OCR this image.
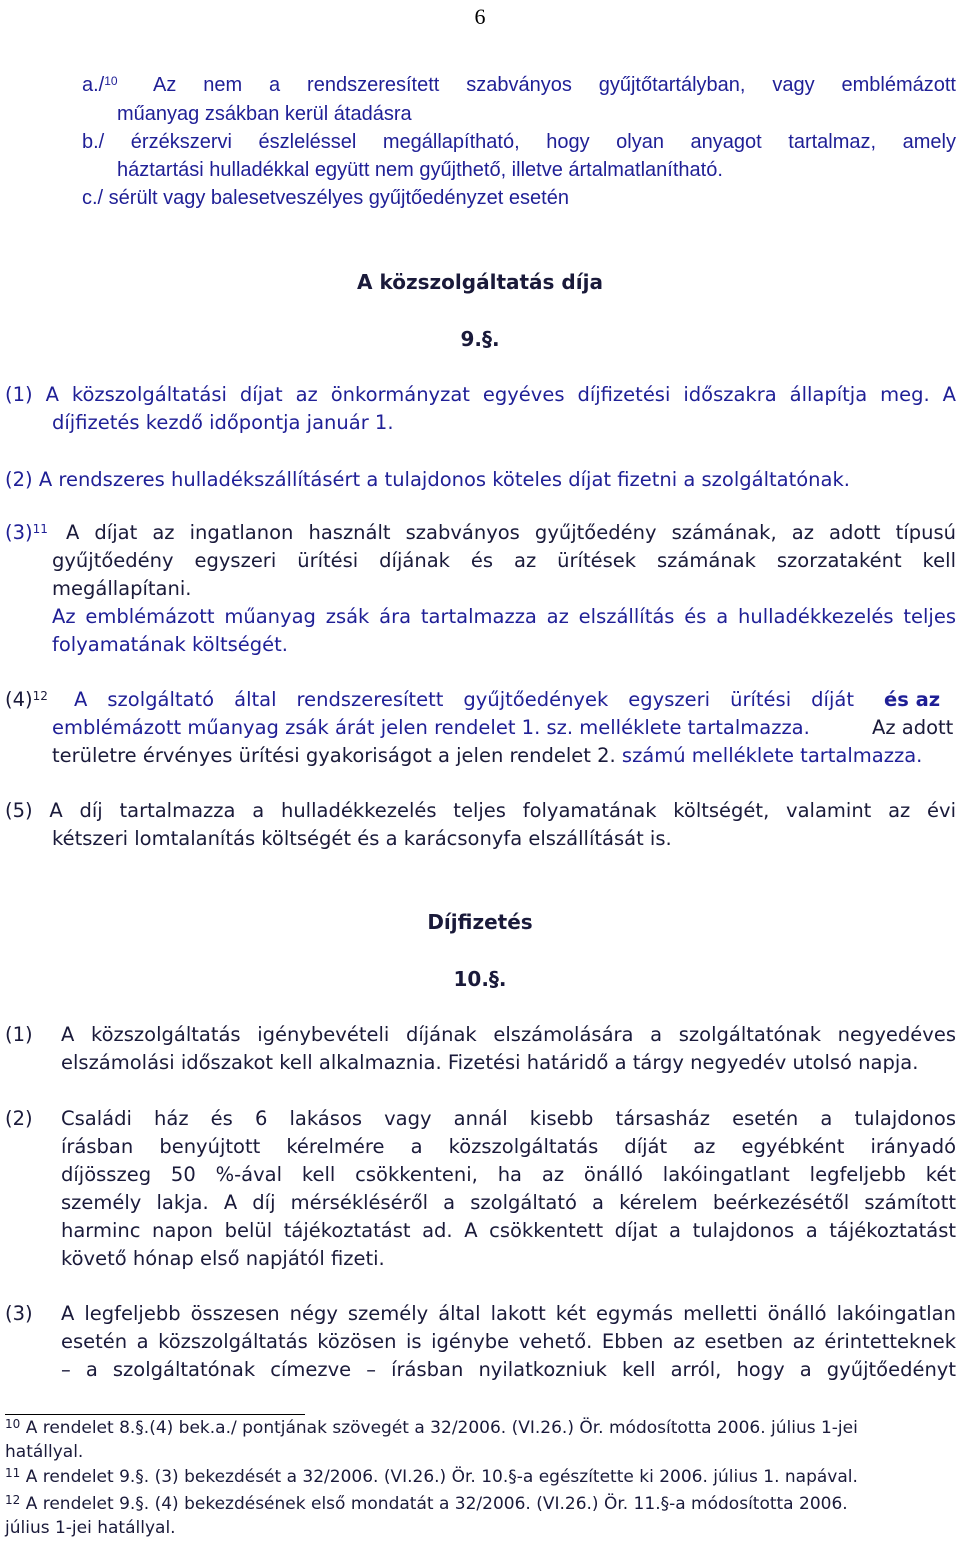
6
a./$^{10}$ Az nem a rendszeresített szabványos gyűjtőtartályban, vagy emblémázott
műanyag zsákban kerül átadásra
b./ érzékszervi észleléssel megállapítható, hogy olyan anyagot tartalmaz, amely
háztartási hulladékkal együtt nem gyűjthető, illetve ártalmatlanítható.
c./ sérült vagy balesetveszélyes gyűjtőedényzet esetén
A közszolgáltatás díja
9.§.
(1) A közszolgáltatási díjat az önkormányzat egyéves díjfizetési időszakra állapítja meg. A
díjfizetés kezdő időpontja január 1.
(2) A rendszeres hulladékszállításért a tulajdonos köteles díjat fizetni a szolgáltatónak.
$(3)^{11}$ A díjat az ingatlanon használt szabványos gyűjtőedény számának, az adott típusú
gyűjtőedény egyszeri ürítési díjának és az ürítések számának szorzataként kell
megállapítani.
Az emblémázott műanyag zsák ára tartalmazza az elszállítás és a hulladékkezelés teljes
folyamatának költségét.
$(4)^{12}$ A szolgáltató által rendszeresített gyűjtőedények egyszeri ürítési díját és az
emblémázott műanyag zsák árát jelen rendelet 1. sz. melléklete tartalmazza.	Az adott
területre érvényes ürítési gyakoriságot a jelen rendelet 2. számú melléklete tartalmazza.
(5) A díj tartalmazza a hulladékkezelés teljes folyamatának költségét, valamint az évi
kétszeri lomtalanítás költségét és a karácsonyfa elszállítását is.
Díjfizetés
10.§.
(1) A közszolgáltatás igénybevételi díjának elszámolására a szolgáltatónak negyedéves
elszámolási időszakot kell alkalmaznia. Fizetési határidő a tárgy negyedév utolsó napja.
(2) Családi ház és 6 lakásos vagy annál kisebb társasház esetén a tulajdonos
írásban benyújtott kérelmére a közszolgáltatás díját az egyébként irányadó
díjösszeg 50 %-ával kell csökkenteni, ha az önálló lakóingatlant legfeljebb két
személy lakja. A díj mérsékléséről a szolgáltató a kérelem beérkezésétől számított
harminc napon belül tájékoztatást ad. A csökkentett díjat a tulajdonos a tájékoztatást
követő hónap első napjától fizeti.
(3) A legfeljebb összesen négy személy által lakott két egymás melletti önálló lakóingatlan
esetén a közszolgáltatás közösen is igénybe vehető. Ebben az esetben az érintetteknek
– a szolgáltatónak címezve – írásban nyilatkozniuk kell arról, hogy a gyűjtőedényt
$^{10}$ A rendelet 8.§.(4) bek.a./ pontjának szövegét a 32/2006. (VI.26.) Ör. módosította 2006. július 1-jei
hatállyal.
$^{11}$ A rendelet 9.§. (3) bekezdését a 32/2006. (VI.26.) Ör. 10.§-a egészítette ki 2006. július 1. napával.
$^{12}$ A rendelet 9.§. (4) bekezdésének első mondatát a 32/2006. (VI.26.) Ör. 11.§-a módosította 2006.
július 1-jei hatállyal.
